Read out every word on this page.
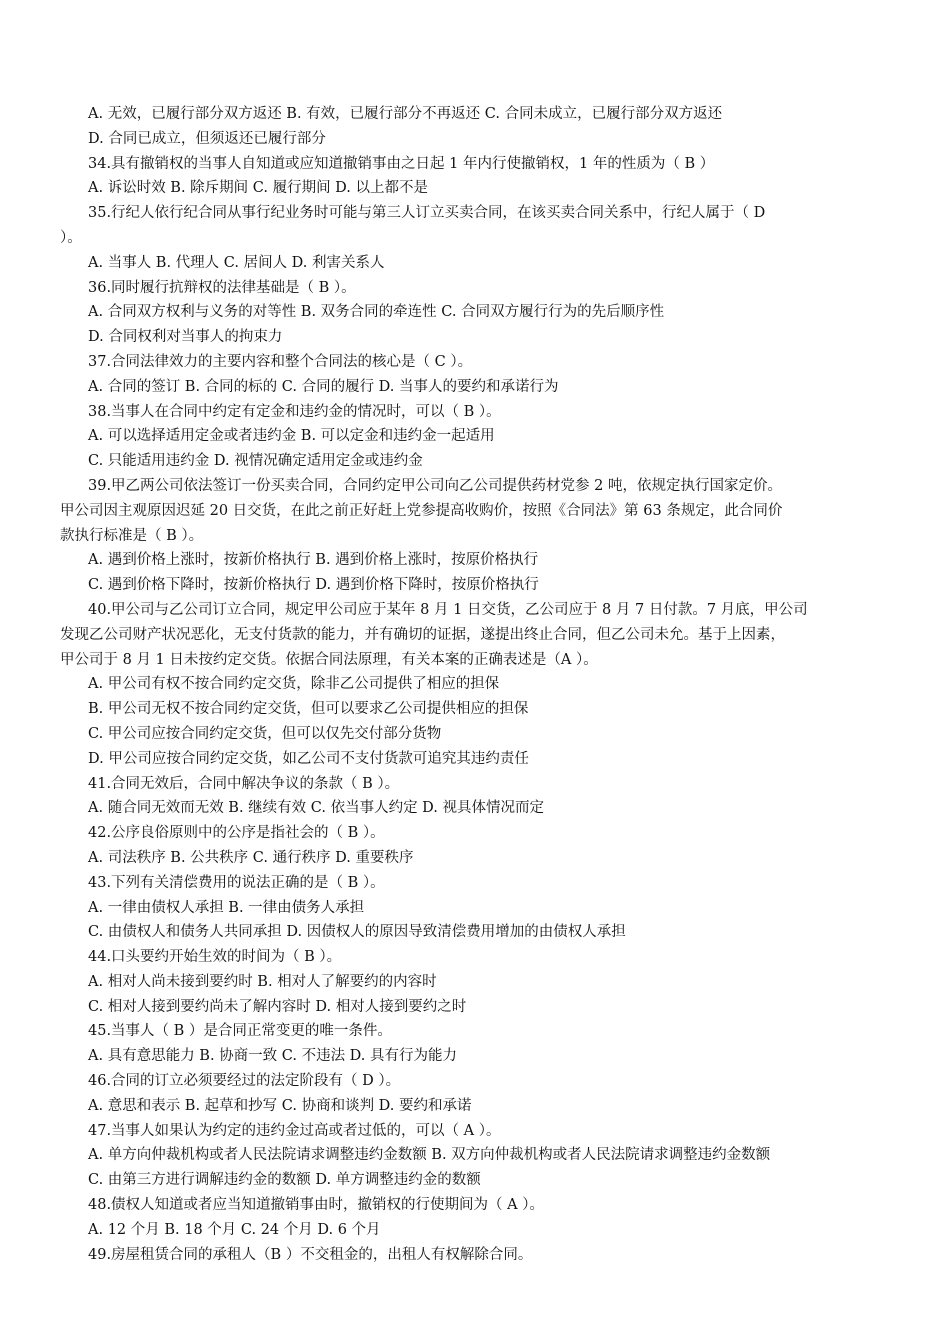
A. 无效，已履行部分双方返还 B. 有效，已履行部分不再返还 C. 合同未成立，已履行部分双方返还
D. 合同已成立，但须返还已履行部分
34.具有撤销权的当事人自知道或应知道撤销事由之日起 1 年内行使撤销权，1 年的性质为（ B ）
A. 诉讼时效 B. 除斥期间 C. 履行期间 D. 以上都不是
35.行纪人依行纪合同从事行纪业务时可能与第三人订立买卖合同，在该买卖合同关系中，行纪人属于（ D
）。
A. 当事人 B. 代理人 C. 居间人 D. 利害关系人
36.同时履行抗辩权的法律基础是（ B ）。
A. 合同双方权利与义务的对等性 B. 双务合同的牵连性 C. 合同双方履行行为的先后顺序性
D. 合同权利对当事人的拘束力
37.合同法律效力的主要内容和整个合同法的核心是（ C ）。
A. 合同的签订 B. 合同的标的 C. 合同的履行 D. 当事人的要约和承诺行为
38.当事人在合同中约定有定金和违约金的情况时，可以（ B ）。
A. 可以选择适用定金或者违约金 B. 可以定金和违约金一起适用
C. 只能适用违约金 D. 视情况确定适用定金或违约金
39.甲乙两公司依法签订一份买卖合同，合同约定甲公司向乙公司提供药材党参 2 吨，依规定执行国家定价。
甲公司因主观原因迟延 20 日交货，在此之前正好赶上党参提高收购价，按照《合同法》第 63 条规定，此合同价
款执行标准是（ B ）。
A. 遇到价格上涨时，按新价格执行 B. 遇到价格上涨时，按原价格执行
C. 遇到价格下降时，按新价格执行 D. 遇到价格下降时，按原价格执行
40.甲公司与乙公司订立合同，规定甲公司应于某年 8 月 1 日交货，乙公司应于 8 月 7 日付款。7 月底，甲公司
发现乙公司财产状况恶化，无支付货款的能力，并有确切的证据，遂提出终止合同，但乙公司未允。基于上因素，
甲公司于 8 月 1 日未按约定交货。依据合同法原理，有关本案的正确表述是（A ）。
A. 甲公司有权不按合同约定交货，除非乙公司提供了相应的担保
B. 甲公司无权不按合同约定交货，但可以要求乙公司提供相应的担保
C. 甲公司应按合同约定交货，但可以仅先交付部分货物
D. 甲公司应按合同约定交货，如乙公司不支付货款可追究其违约责任
41.合同无效后，合同中解决争议的条款（ B ）。
A. 随合同无效而无效 B. 继续有效 C. 依当事人约定 D. 视具体情况而定
42.公序良俗原则中的公序是指社会的（ B ）。
A. 司法秩序 B. 公共秩序 C. 通行秩序 D. 重要秩序
43.下列有关清偿费用的说法正确的是（ B ）。
A. 一律由债权人承担 B. 一律由债务人承担
C. 由债权人和债务人共同承担 D. 因债权人的原因导致清偿费用增加的由债权人承担
44.口头要约开始生效的时间为（ B ）。
A. 相对人尚未接到要约时 B. 相对人了解要约的内容时
C. 相对人接到要约尚未了解内容时 D. 相对人接到要约之时
45.当事人（ B ）是合同正常变更的唯一条件。
A. 具有意思能力 B. 协商一致 C. 不违法 D. 具有行为能力
46.合同的订立必须要经过的法定阶段有（ D ）。
A. 意思和表示 B. 起草和抄写 C. 协商和谈判 D. 要约和承诺
47.当事人如果认为约定的违约金过高或者过低的，可以（ A ）。
A. 单方向仲裁机构或者人民法院请求调整违约金数额 B. 双方向仲裁机构或者人民法院请求调整违约金数额
C. 由第三方进行调解违约金的数额 D. 单方调整违约金的数额
48.债权人知道或者应当知道撤销事由时，撤销权的行使期间为（ A ）。
A. 12 个月 B. 18 个月 C. 24 个月 D. 6 个月
49.房屋租赁合同的承租人（B ）不交租金的，出租人有权解除合同。
